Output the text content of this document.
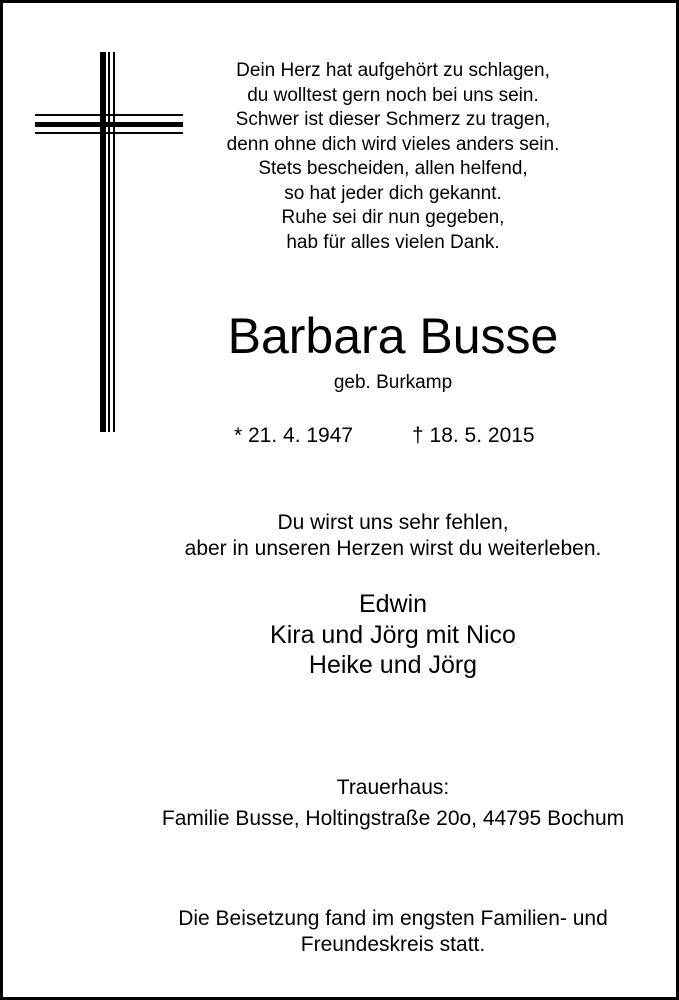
Dein Herz hat aufgehört zu schlagen,
du wolltest gern noch bei uns sein.
Schwer ist dieser Schmerz zu tragen,
denn ohne dich wird vieles anders sein.
Stets bescheiden, allen helfend,
so hat jeder dich gekannt.
Ruhe sei dir nun gegeben,
hab für alles vielen Dank.
Barbara Busse
geb. Burkamp
* 21. 4. 1947	† 18. 5. 2015
Du wirst uns sehr fehlen,
aber in unseren Herzen wirst du weiterleben.
Edwin
Kira und Jörg mit Nico
Heike und Jörg
Trauerhaus:
Familie Busse, Holtingstraße 20o, 44795 Bochum
Die Beisetzung fand im engsten Familien- und
Freundeskreis statt.
